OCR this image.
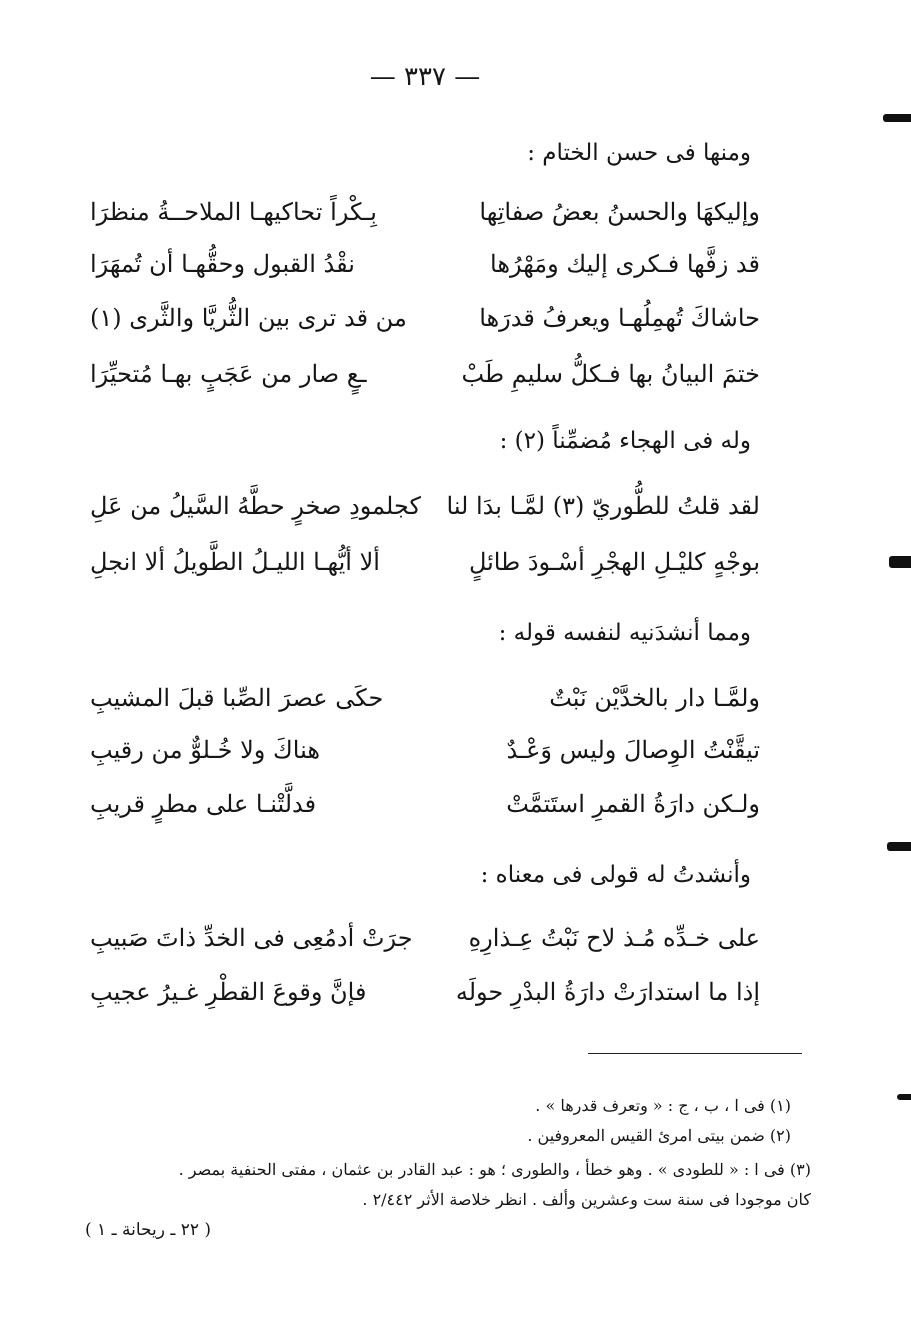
— ٣٣٧ —
ومنها فى حسن الختام :
وإليكهَا والحسنُ بعضُ صفاتِها
بِـكْراً تحاكيهـا الملاحــةُ منظرَا
قد زفَّها فـكرى إليك ومَهْرُها
نقْدُ القبول وحقُّهـا أن تُمهَرَا
حاشاكَ تُهمِلُهـا ويعرفُ قدرَها
من قد ترى بين الثُّريَّا والثَّرى (١)
ختمَ البيانُ بها فـكلُّ سليمِ طَبْ
ـعٍ صار من عَجَبٍ بهـا مُتحيِّرَا
وله فى الهجاء مُضمِّناً (٢) :
لقد قلتُ للطُّوريّ (٣) لمَّـا بدَا لنا
كجلمودِ صخرٍ حطَّهُ السَّيلُ من عَلِ
بوجْهٍ كليْـلِ الهجْرِ أسْـودَ طائلٍ
ألا أيُّهـا الليـلُ الطَّويلُ ألا انجلِ
ومما أنشدَنيه لنفسه قوله :
ولمَّـا دار بالخدَّيْن نَبْتٌ
حكَى عصرَ الصِّبا قبلَ المشيبِ
تيقَّنْتُ الوِصالَ وليس وَعْـدٌ
هناكَ ولا خُـلوٌّ من رقيبِ
ولـكن دارَةُ القمرِ استَتمَّتْ
فدلَّتْنـا على مطرٍ قريبِ
وأنشدتُ له قولى فى معناه :
على خـدِّه مُـذ لاح نَبْتُ عِـذارِهِ
جرَتْ أدمُعِى فى الخدِّ ذاتَ صَبيبِ
إذا ما استدارَتْ دارَةُ البدْرِ حولَه
فإنَّ وقوعَ القطْرِ غـيرُ عجيبِ
(١) فى ا ، ب ، ج : « وتعرف قدرها » .
(٢) ضمن بيتى امرئ القيس المعروفين .
(٣) فى ا : « للطودى » . وهو خطأ ، والطورى ؛ هو : عبد القادر بن عثمان ، مفتى الحنفية بمصر .
كان موجودا فى سنة ست وعشرين وألف . انظر خلاصة الأثر ٢/٤٤٢ .
( ٢٢ ـ ريحانة ـ ١ )
